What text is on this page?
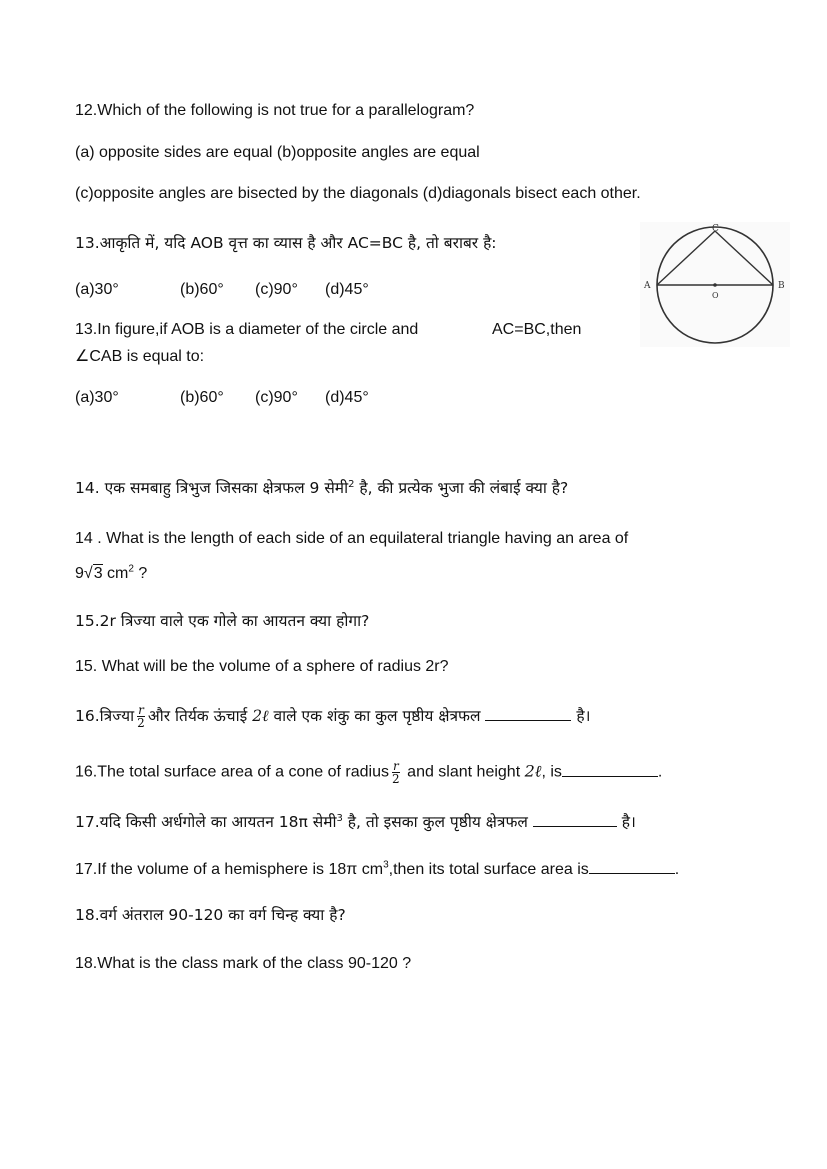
12.Which of the following is not true for a parallelogram?
(a) opposite sides are equal (b)opposite angles are equal
(c)opposite angles are bisected by the diagonals (d)diagonals bisect each other.
13.आकृति में, यदि AOB वृत्त का व्यास है और AC=BC है, तो बराबर है:
(a)30°	(b)60° (c)90° (d)45°
13.In figure,if AOB is a diameter of the circle and	AC=BC,then
∠CAB is equal to:
(a)30°	(b)60° (c)90° (d)45°
A	B
C
O
14. एक समबाहु त्रिभुज जिसका क्षेत्रफल 9 सेमी$^2$ है, की प्रत्येक भुजा की लंबाई क्या है?
14 . What is the length of each side of an equilateral triangle having an area of
9√3 $cm^2$ ?
15.2r त्रिज्या वाले एक गोले का आयतन क्या होगा?
15. What will be the volume of a sphere of radius 2r?
16.त्रिज्या $\frac{r}{2}$ और तिर्यक ऊंचाई 2ℓ वाले एक शंकु का कुल पृष्ठीय क्षेत्रफल	है।
16.The total surface area of a cone of radius $\frac{r}{2}$ and slant height 2ℓ, is	.
17.यदि किसी अर्धगोले का आयतन 18π सेमी$^3$ है, तो इसका कुल पृष्ठीय क्षेत्रफल	है।
17.If the volume of a hemisphere is 18π $cm^3,then$ its total surface area is	.
18.वर्ग अंतराल 90-120 का वर्ग चिन्ह क्या है?
18.What is the class mark of the class 90-120 ?
